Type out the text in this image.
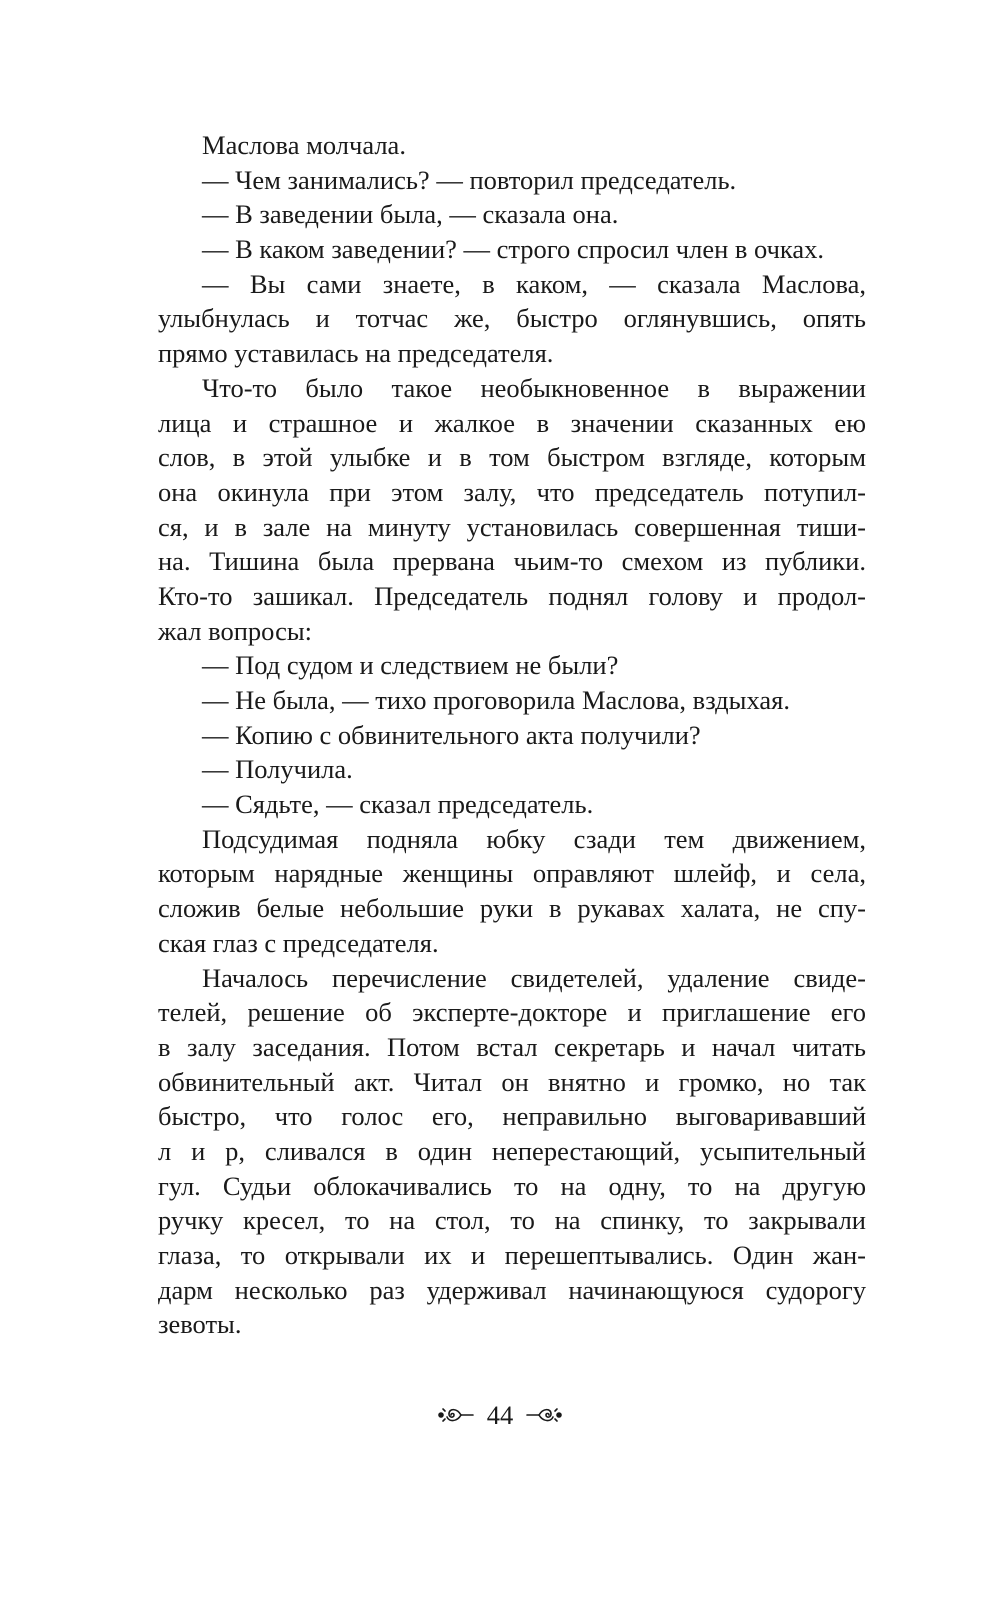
Маслова молчала.
— Чем занимались? — повторил председатель.
— В заведении была, — сказала она.
— В каком заведении? — строго спросил член в очках.
— Вы сами знаете, в каком, — сказала Маслова,
улыбнулась и тотчас же, быстро оглянувшись, опять
прямо уставилась на председателя.
Что-то было такое необыкновенное в выражении
лица и страшное и жалкое в значении сказанных ею
слов, в этой улыбке и в том быстром взгляде, которым
она окинула при этом залу, что председатель потупил-
ся, и в зале на минуту установилась совершенная тиши-
на. Тишина была прервана чьим-то смехом из публики.
Кто-то зашикал. Председатель поднял голову и продол-
жал вопросы:
— Под судом и следствием не были?
— Не была, — тихо проговорила Маслова, вздыхая.
— Копию с обвинительного акта получили?
— Получила.
— Сядьте, — сказал председатель.
Подсудимая подняла юбку сзади тем движением,
которым нарядные женщины оправляют шлейф, и села,
сложив белые небольшие руки в рукавах халата, не спу-
ская глаз с председателя.
Началось перечисление свидетелей, удаление свиде-
телей, решение об эксперте-докторе и приглашение его
в залу заседания. Потом встал секретарь и начал читать
обвинительный акт. Читал он внятно и громко, но так
быстро, что голос его, неправильно выговаривавший
л и р, сливался в один неперестающий, усыпительный
гул. Судьи облокачивались то на одну, то на другую
ручку кресел, то на стол, то на спинку, то закрывали
глаза, то открывали их и перешептывались. Один жан-
дарм несколько раз удерживал начинающуюся судорогу
зевоты.
44
